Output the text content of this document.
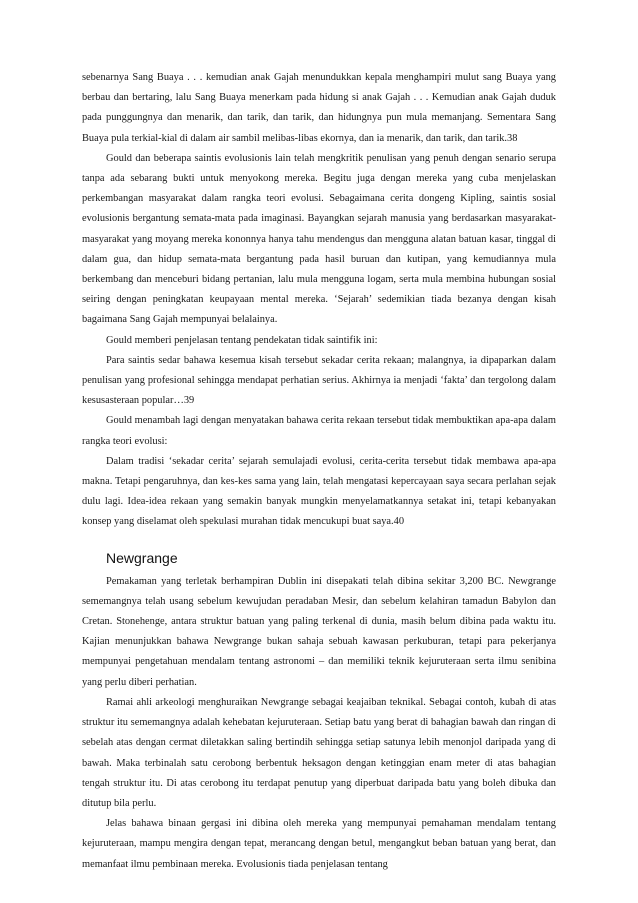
sebenarnya Sang Buaya . . . kemudian anak Gajah menundukkan kepala menghampiri mulut sang Buaya yang berbau dan bertaring, lalu Sang Buaya menerkam pada hidung si anak Gajah . . . Kemudian anak Gajah duduk pada punggungnya dan menarik, dan tarik, dan tarik, dan hidungnya pun mula memanjang. Sementara Sang Buaya pula terkial-kial di dalam air sambil melibas-libas ekornya, dan ia menarik, dan tarik, dan tarik.38

Gould dan beberapa saintis evolusionis lain telah mengkritik penulisan yang penuh dengan senario serupa tanpa ada sebarang bukti untuk menyokong mereka. Begitu juga dengan mereka yang cuba menjelaskan perkembangan masyarakat dalam rangka teori evolusi. Sebagaimana cerita dongeng Kipling, saintis sosial evolusionis bergantung semata-mata pada imaginasi. Bayangkan sejarah manusia yang berdasarkan masyarakat-masyarakat yang moyang mereka kononnya hanya tahu mendengus dan mengguna alatan batuan kasar, tinggal di dalam gua, dan hidup semata-mata bergantung pada hasil buruan dan kutipan, yang kemudiannya mula berkembang dan menceburi bidang pertanian, lalu mula mengguna logam, serta mula membina hubungan sosial seiring dengan peningkatan keupayaan mental mereka. ‘Sejarah’ sedemikian tiada bezanya dengan kisah bagaimana Sang Gajah mempunyai belalainya.

Gould memberi penjelasan tentang pendekatan tidak saintifik ini:

Para saintis sedar bahawa kesemua kisah tersebut sekadar cerita rekaan; malangnya, ia dipaparkan dalam penulisan yang profesional sehingga mendapat perhatian serius. Akhirnya ia menjadi ‘fakta’ dan tergolong dalam kesusasteraan popular…39

Gould menambah lagi dengan menyatakan bahawa cerita rekaan tersebut tidak membuktikan apa-apa dalam rangka teori evolusi:

Dalam tradisi ‘sekadar cerita’ sejarah semulajadi evolusi, cerita-cerita tersebut tidak membawa apa-apa makna. Tetapi pengaruhnya, dan kes-kes sama yang lain, telah mengatasi kepercayaan saya secara perlahan sejak dulu lagi. Idea-idea rekaan yang semakin banyak mungkin menyelamatkannya setakat ini, tetapi kebanyakan konsep yang diselamat oleh spekulasi murahan tidak mencukupi buat saya.40

Newgrange

Pemakaman yang terletak berhampiran Dublin ini disepakati telah dibina sekitar 3,200 BC. Newgrange sememangnya telah usang sebelum kewujudan peradaban Mesir, dan sebelum kelahiran tamadun Babylon dan Cretan. Stonehenge, antara struktur batuan yang paling terkenal di dunia, masih belum dibina pada waktu itu. Kajian menunjukkan bahawa Newgrange bukan sahaja sebuah kawasan perkuburan, tetapi para pekerjanya mempunyai pengetahuan mendalam tentang astronomi – dan memiliki teknik kejuruteraan serta ilmu senibina yang perlu diberi perhatian.

Ramai ahli arkeologi menghuraikan Newgrange sebagai keajaiban teknikal. Sebagai contoh, kubah di atas struktur itu sememangnya adalah kehebatan kejuruteraan. Setiap batu yang berat di bahagian bawah dan ringan di sebelah atas dengan cermat diletakkan saling bertindih sehingga setiap satunya lebih menonjol daripada yang di bawah. Maka terbinalah satu cerobong berbentuk heksagon dengan ketinggian enam meter di atas bahagian tengah struktur itu. Di atas cerobong itu terdapat penutup yang diperbuat daripada batu yang boleh dibuka dan ditutup bila perlu.

Jelas bahawa binaan gergasi ini dibina oleh mereka yang mempunyai pemahaman mendalam tentang kejuruteraan, mampu mengira dengan tepat, merancang dengan betul, mengangkut beban batuan yang berat, dan memanfaat ilmu pembinaan mereka. Evolusionis tiada penjelasan tentang
